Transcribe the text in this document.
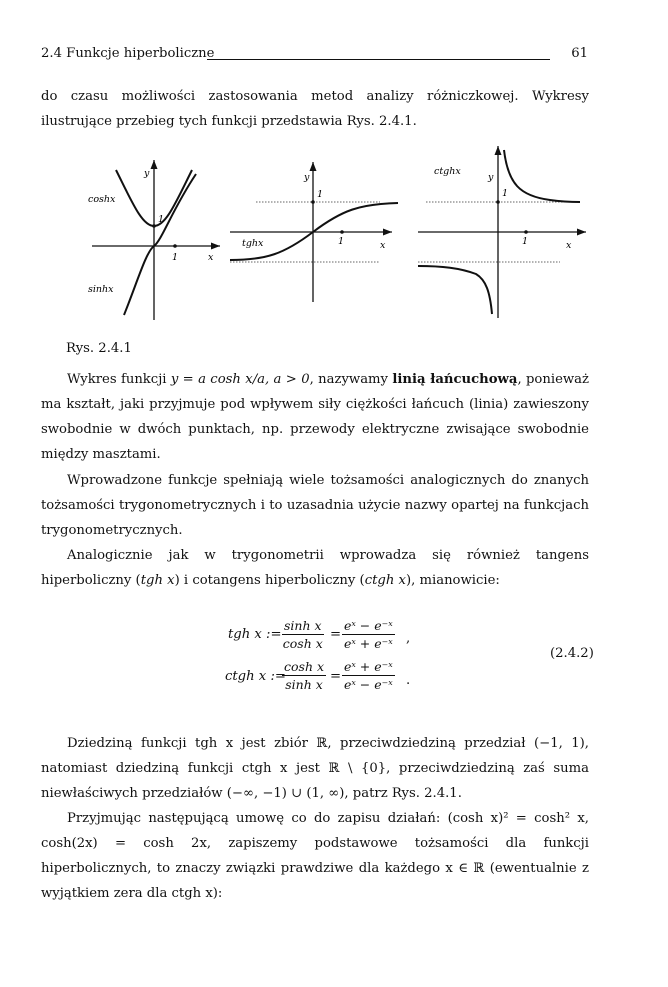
2.4 Funkcje hiperboliczne	61
do czasu możliwości zastosowania metod analizy różniczkowej. Wykresy ilustrujące przebieg tych funkcji przedstawia Rys. 2.4.1.
coshx
sinhx
y
1
1	x
tghx
y
1
1	x
ctghx
y
1
1	x
Rys. 2.4.1
Wykres funkcji y = a cosh x/a, a > 0, nazywamy linią łańcuchową, ponieważ ma kształt, jaki przyjmuje pod wpływem siły ciężkości łańcuch (linia) zawieszony swobodnie w dwóch punktach, np. przewody elektryczne zwisające swobodnie między masztami.
Wprowadzone funkcje spełniają wiele tożsamości analogicznych do znanych tożsamości trygonometrycznych i to uzasadnia użycie nazwy opartej na funkcjach trygonometrycznych.
Analogicznie jak w trygonometrii wprowadza się również tangens hiperboliczny (tgh x) i cotangens hiperboliczny (ctgh x), mianowicie:
tgh x := $\frac{\text{sinh x}}{\text{cosh x}} = \frac{\text{eˣ − e⁻ˣ}}{\text{eˣ + e⁻ˣ}}$ ,
ctgh x :=
$\frac{\text{cosh x}}{\text{sinh x}} = \frac{\text{eˣ + e⁻ˣ}}{\text{eˣ − e⁻ˣ}}$ .
(2.4.2)
Dziedziną funkcji tgh x jest zbiór ℝ, przeciwdziedziną przedział (−1, 1), natomiast dziedziną funkcji ctgh x jest ℝ \ {0}, przeciwdziedziną zaś suma niewłaściwych przedziałów (−∞, −1) ∪ (1, ∞), patrz Rys. 2.4.1.
Przyjmując następującą umowę co do zapisu działań: (cosh x)² = cosh² x, cosh(2x) = cosh 2x, zapiszemy podstawowe tożsamości dla funkcji hiperbolicznych, to znaczy związki prawdziwe dla każdego x ∈ ℝ (ewentualnie z wyjątkiem zera dla ctgh x):
